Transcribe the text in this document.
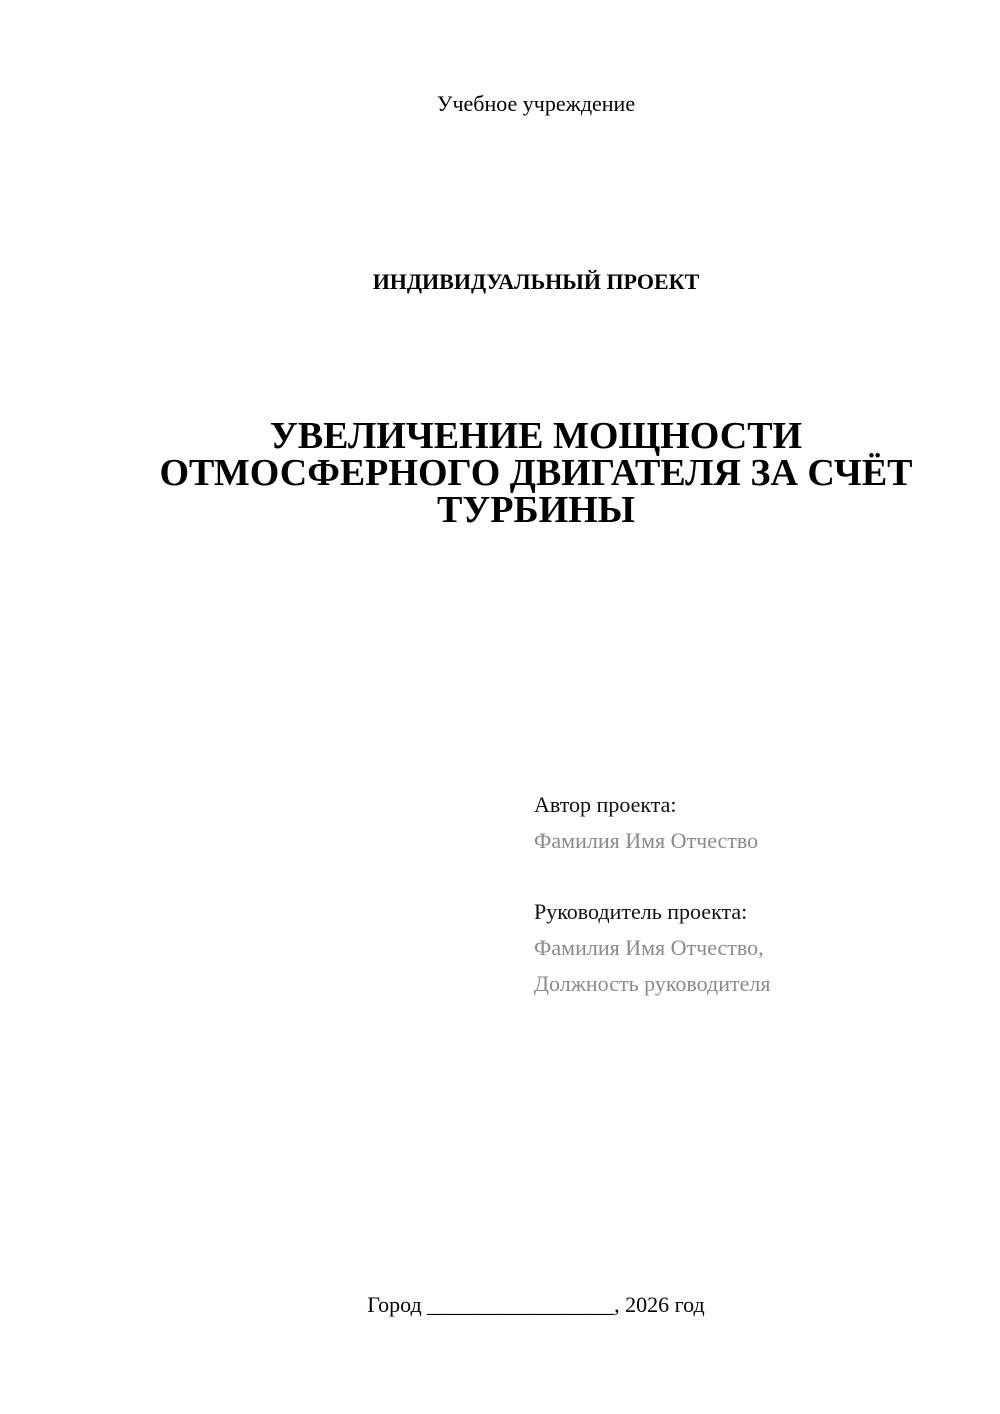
Учебное учреждение
ИНДИВИДУАЛЬНЫЙ ПРОЕКТ
УВЕЛИЧЕНИЕ МОЩНОСТИ
ОТМОСФЕРНОГО ДВИГАТЕЛЯ ЗА СЧЁТ
ТУРБИНЫ
Автор проекта:
Фамилия Имя Отчество
Руководитель проекта:
Фамилия Имя Отчество,
Должность руководителя
Город _________________, 2026 год
